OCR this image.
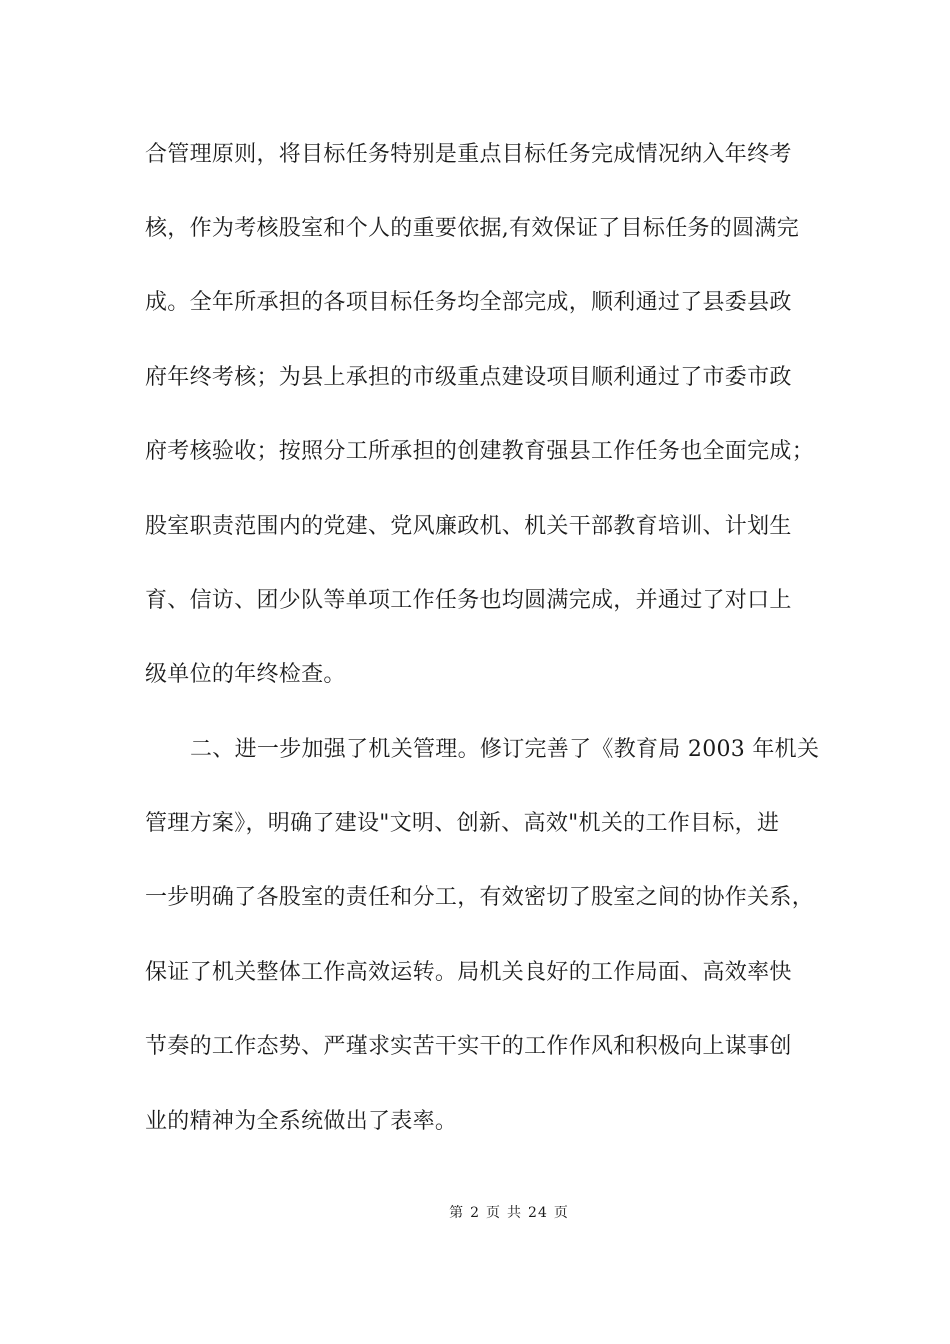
合管理原则，将目标任务特别是重点目标任务完成情况纳入年终考
核，作为考核股室和个人的重要依据,有效保证了目标任务的圆满完
成。全年所承担的各项目标任务均全部完成，顺利通过了县委县政
府年终考核；为县上承担的市级重点建设项目顺利通过了市委市政
府考核验收；按照分工所承担的创建教育强县工作任务也全面完成；
股室职责范围内的党建、党风廉政机、机关干部教育培训、计划生
育、信访、团少队等单项工作任务也均圆满完成，并通过了对口上
级单位的年终检查。
二、进一步加强了机关管理。修订完善了《教育局 2003 年机关
管理方案》，明确了建设"文明、创新、高效"机关的工作目标，进
一步明确了各股室的责任和分工，有效密切了股室之间的协作关系，
保证了机关整体工作高效运转。局机关良好的工作局面、高效率快
节奏的工作态势、严瑾求实苦干实干的工作作风和积极向上谋事创
业的精神为全系统做出了表率。
第 2 页 共 24 页
